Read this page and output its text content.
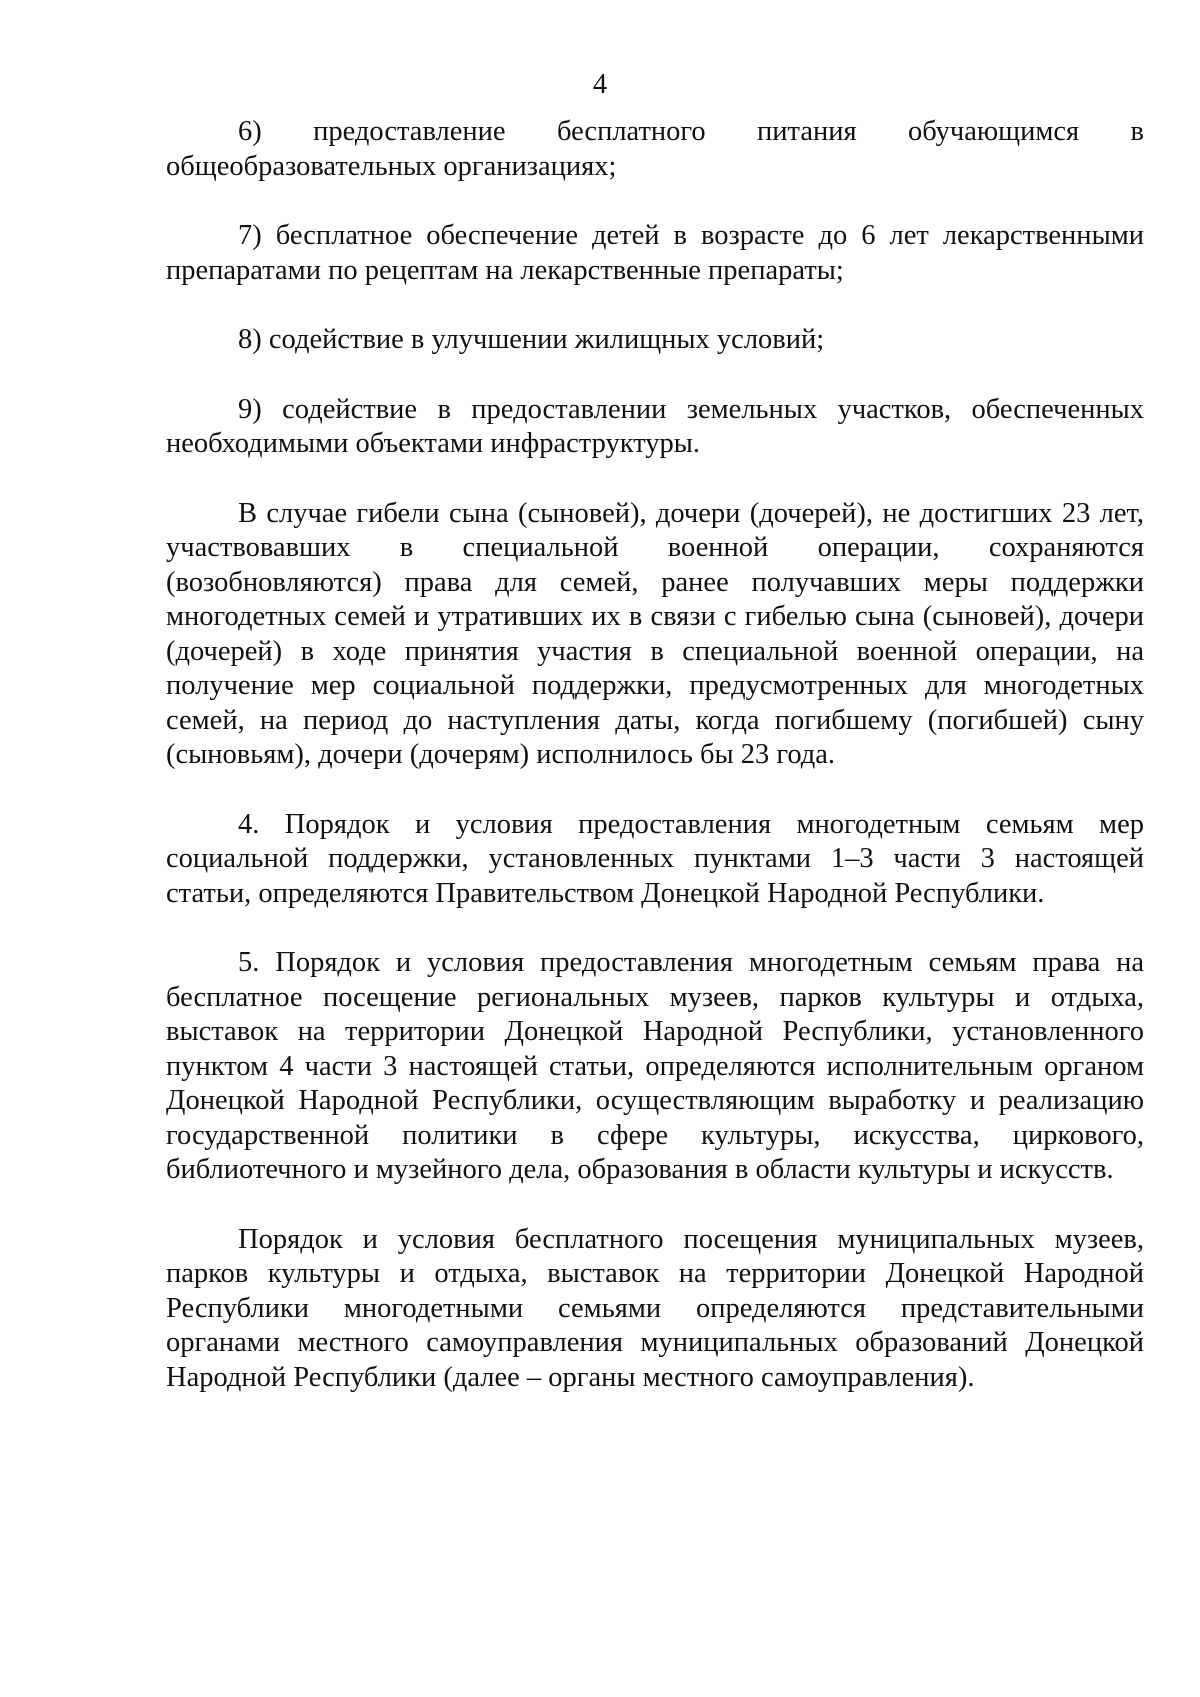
4

6) предоставление бесплатного питания обучающимся в общеобразовательных организациях;

7) бесплатное обеспечение детей в возрасте до 6 лет лекарственными препаратами по рецептам на лекарственные препараты;

8) содействие в улучшении жилищных условий;

9) содействие в предоставлении земельных участков, обеспеченных необходимыми объектами инфраструктуры.

В случае гибели сына (сыновей), дочери (дочерей), не достигших 23 лет, участвовавших в специальной военной операции, сохраняются (возобновляются) права для семей, ранее получавших меры поддержки многодетных семей и утративших их в связи с гибелью сына (сыновей), дочери (дочерей) в ходе принятия участия в специальной военной операции, на получение мер социальной поддержки, предусмотренных для многодетных семей, на период до наступления даты, когда погибшему (погибшей) сыну (сыновьям), дочери (дочерям) исполнилось бы 23 года.

4. Порядок и условия предоставления многодетным семьям мер социальной поддержки, установленных пунктами 1–3 части 3 настоящей статьи, определяются Правительством Донецкой Народной Республики.

5. Порядок и условия предоставления многодетным семьям права на бесплатное посещение региональных музеев, парков культуры и отдыха, выставок на территории Донецкой Народной Республики, установленного пунктом 4 части 3 настоящей статьи, определяются исполнительным органом Донецкой Народной Республики, осуществляющим выработку и реализацию государственной политики в сфере культуры, искусства, циркового, библиотечного и музейного дела, образования в области культуры и искусств.

Порядок и условия бесплатного посещения муниципальных музеев, парков культуры и отдыха, выставок на территории Донецкой Народной Республики многодетными семьями определяются представительными органами местного самоуправления муниципальных образований Донецкой Народной Республики (далее – органы местного самоуправления).
